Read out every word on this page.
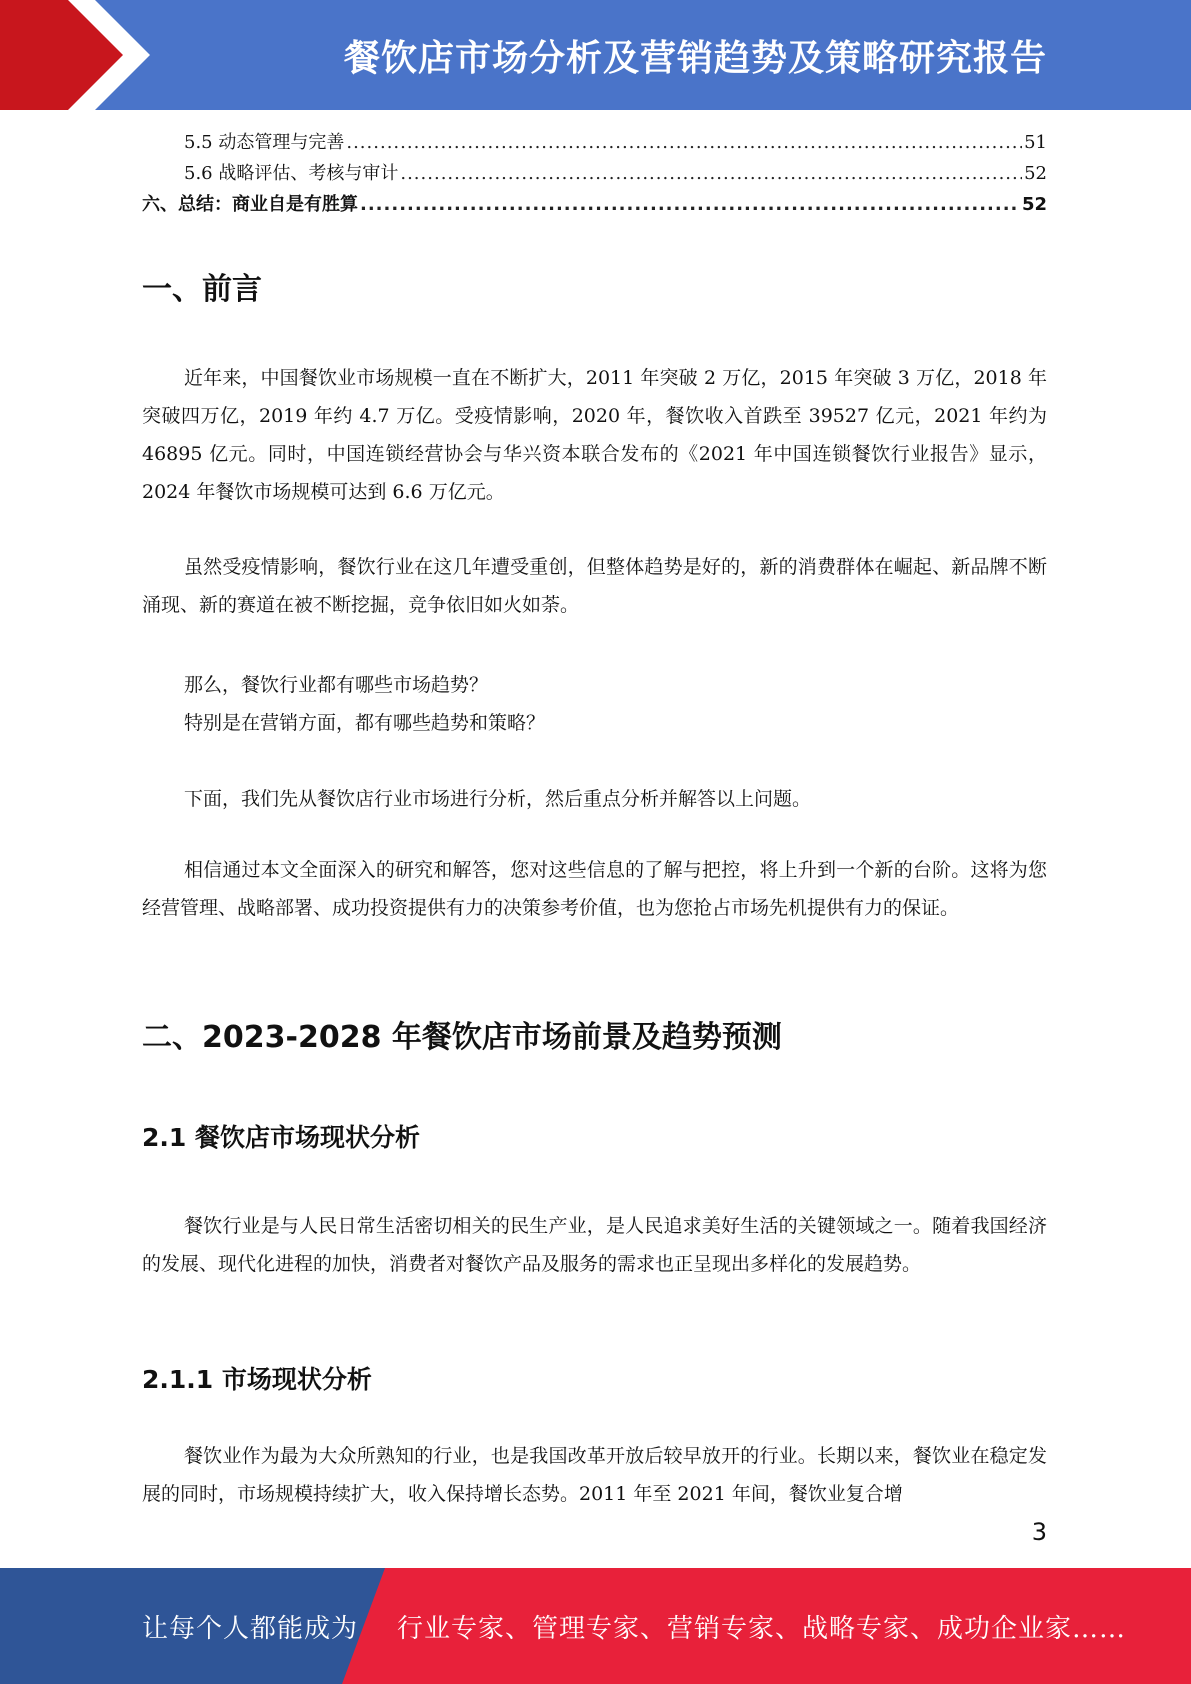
餐饮店市场分析及营销趋势及策略研究报告
5.5 动态管理与完善 .....	51
5.6 战略评估、考核与审计 .....	52
六、总结：商业自是有胜算 .....	52
一、前言
近年来，中国餐饮业市场规模一直在不断扩大，2011 年突破 2 万亿，2015 年突破 3 万亿，2018 年突破四万亿，2019 年约 4.7 万亿。受疫情影响，2020 年，餐饮收入首跌至 39527 亿元，2021 年约为 46895 亿元。同时，中国连锁经营协会与华兴资本联合发布的《2021 年中国连锁餐饮行业报告》显示，2024 年餐饮市场规模可达到 6.6 万亿元。
虽然受疫情影响，餐饮行业在这几年遭受重创，但整体趋势是好的，新的消费群体在崛起、新品牌不断涌现、新的赛道在被不断挖掘，竞争依旧如火如荼。
那么，餐饮行业都有哪些市场趋势？
特别是在营销方面，都有哪些趋势和策略？
下面，我们先从餐饮店行业市场进行分析，然后重点分析并解答以上问题。
相信通过本文全面深入的研究和解答，您对这些信息的了解与把控，将上升到一个新的台阶。这将为您经营管理、战略部署、成功投资提供有力的决策参考价值，也为您抢占市场先机提供有力的保证。
二、2023-2028 年餐饮店市场前景及趋势预测
2.1 餐饮店市场现状分析
餐饮行业是与人民日常生活密切相关的民生产业，是人民追求美好生活的关键领域之一。随着我国经济的发展、现代化进程的加快，消费者对餐饮产品及服务的需求也正呈现出多样化的发展趋势。
2.1.1 市场现状分析
餐饮业作为最为大众所熟知的行业，也是我国改革开放后较早放开的行业。长期以来，餐饮业在稳定发展的同时，市场规模持续扩大，收入保持增长态势。2011 年至 2021 年间，餐饮业复合增
3
让每个人都能成为 行业专家、管理专家、营销专家、战略专家、成功企业家……
